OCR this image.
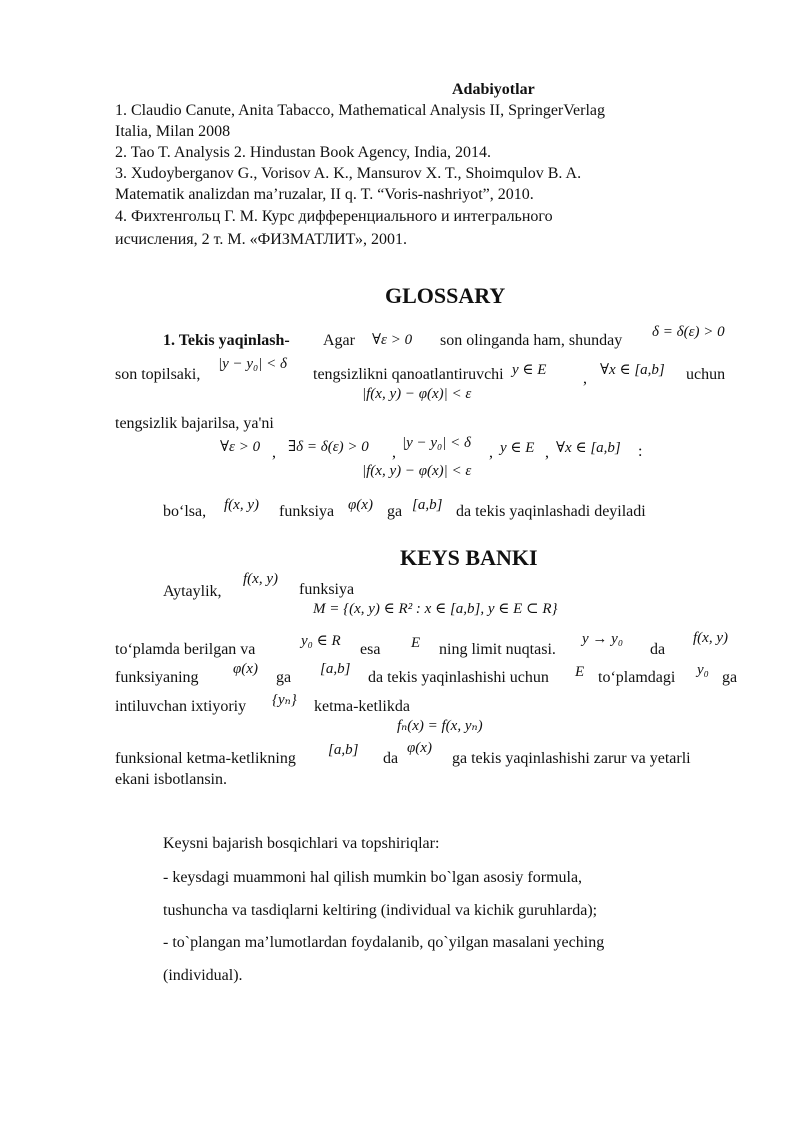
Adabiyotlar
1. Claudio Canute, Anita Tabacco, Mathematical Analysis II, SpringerVerlag
Italia, Milan 2008
2. Tao T. Analysis 2. Hindustan Book Agency, India, 2014.
3. Xudoyberganov G., Vorisov A. K., Mansurov X. T., Shoimqulov B. A.
Matematik analizdan ma’ruzalar, II q. T. “Voris-nashriyot”, 2010.
4. Фихтенгольц Г. М. Курс дифференциального и интегрального
исчисления, 2 т. М. «ФИЗМАТЛИТ», 2001.
GLOSSARY
1. Tekis yaqinlash- Agar ∀ε > 0 son olinganda ham, shunday δ = δ(ε) > 0
son topilsaki,
|y − y₀| < δ
tengsizlikni qanoatlantiruvchi y ∈ E , ∀x ∈ [a,b] uchun
|f(x, y) − φ(x)| < ε
tengsizlik bajarilsa, ya'ni
∀ε > 0 , ∃δ = δ(ε) > 0 ,
|y − y₀| < δ
, y ∈ E , ∀x ∈ [a,b] :
|f(x, y) − φ(x)| < ε
bo‘lsa, f(x, y) funksiya φ(x) ga [a,b] da tekis yaqinlashadi deyiladi
KEYS BANKI
Aytaylik,
f(x, y)
funksiya
M = {(x, y) ∈ R² : x ∈ [a,b], y ∈ E ⊂ R}
to‘plamda berilgan va	y₀ ∈ R esa E ning limit nuqtasi.
y → y₀
da
f(x, y)
funksiyaning φ(x) ga [a,b] da tekis yaqinlashishi uchun E to‘plamdagi y₀ ga
intiluvchan ixtiyoriy {yₙ} ketma-ketlikda
fₙ(x) = f(x, yₙ)
funksional ketma-ketlikning [a,b] da
φ(x)
ga tekis yaqinlashishi zarur va yetarli
ekani isbotlansin.
Keysni bajarish bosqichlari va topshiriqlar:
- keysdagi muammoni hal qilish mumkin bo`lgan asosiy formula,
tushuncha va tasdiqlarni keltiring (individual va kichik guruhlarda);
- to`plangan ma’lumotlardan foydalanib, qo`yilgan masalani yeching
(individual).
